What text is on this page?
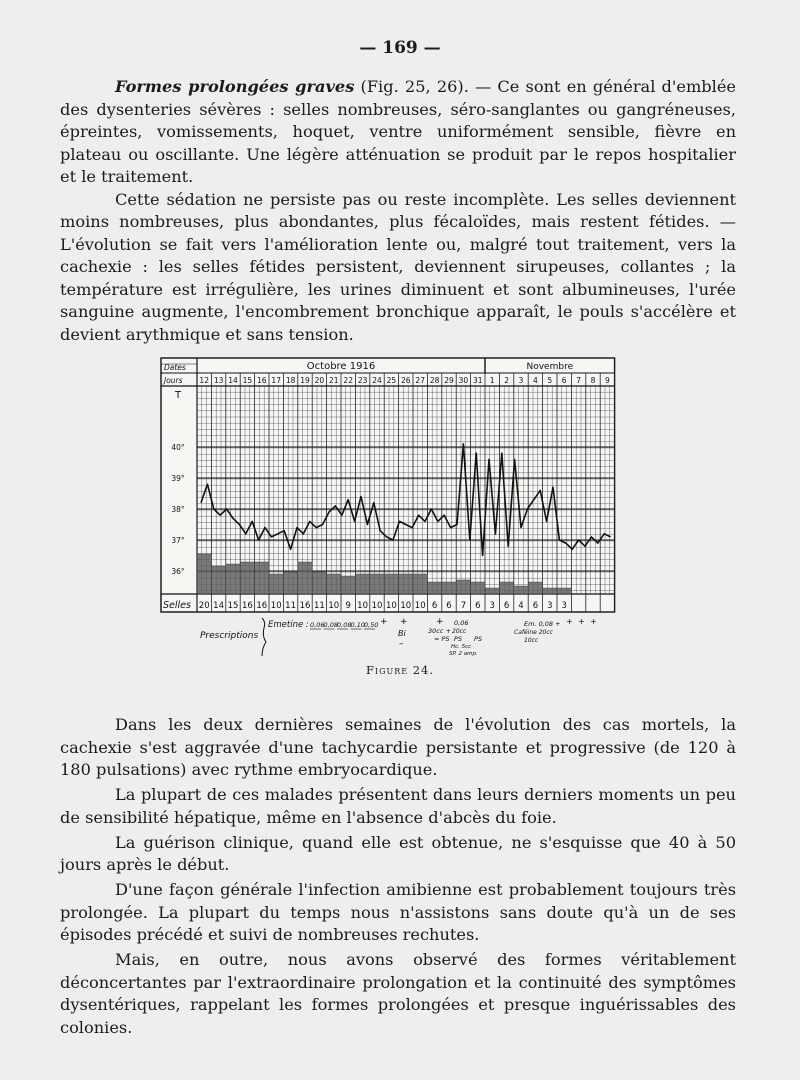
— 169 —

Formes prolongées graves (Fig. 25, 26). — Ce sont en général d'emblée des dysenteries sévères : selles nombreuses, séro-sanglantes ou gangréneuses, épreintes, vomissements, hoquet, ventre uniformément sensible, fièvre en plateau ou oscillante. Une légère atténuation se produit par le repos hospitalier et le traitement.

Cette sédation ne persiste pas ou reste incomplète. Les selles deviennent moins nombreuses, plus abondantes, plus fécaloïdes, mais restent fétides. — L'évolution se fait vers l'amélioration lente ou, malgré tout traitement, vers la cachexie : les selles fétides persistent, deviennent sirupeuses, collantes ; la température est irrégulière, les urines diminuent et sont albumineuses, l'urée sanguine augmente, l'encombrement bronchique apparaît, le pouls s'accélère et devient arythmique et sans tension.

Dates
Jours
T
Selles
Octobre 1916	Novembre
12 13 14 15 16 17 18 19 20 21 22 23 24 25 26 27 28 29 30 31 1 2 3 4 5 6 7 8 9
40°
39°
38°
37°
36°
20 14 15 16 16 10 11 16 11 10 9 10 10 10 10 10 6 6 7 6 3 6 4 6 3 3
0,06 0,08 0,08 0,10 0,50 + +
Bi
–
+
30cc +
= PS
0,06
20cc
PS
Hc. 5cc
SP. 2 amp.
PS
Em. 0,08 + + + +
Caféine 20cc
10cc
Prescriptions
Emetine :
Figure 24.

Dans les deux dernières semaines de l'évolution des cas mortels, la cachexie s'est aggravée d'une tachycardie persistante et progressive (de 120 à 180 pulsations) avec rythme embryocardique.

La plupart de ces malades présentent dans leurs derniers moments un peu de sensibilité hépatique, même en l'absence d'abcès du foie.

La guérison clinique, quand elle est obtenue, ne s'esquisse que 40 à 50 jours après le début.

D'une façon générale l'infection amibienne est probablement toujours très prolongée. La plupart du temps nous n'assistons sans doute qu'à un de ses épisodes précédé et suivi de nombreuses rechutes.

Mais, en outre, nous avons observé des formes véritablement déconcertantes par l'extraordinaire prolongation et la continuité des symptômes dysentériques, rappelant les formes prolongées et presque inguérissables des colonies.
